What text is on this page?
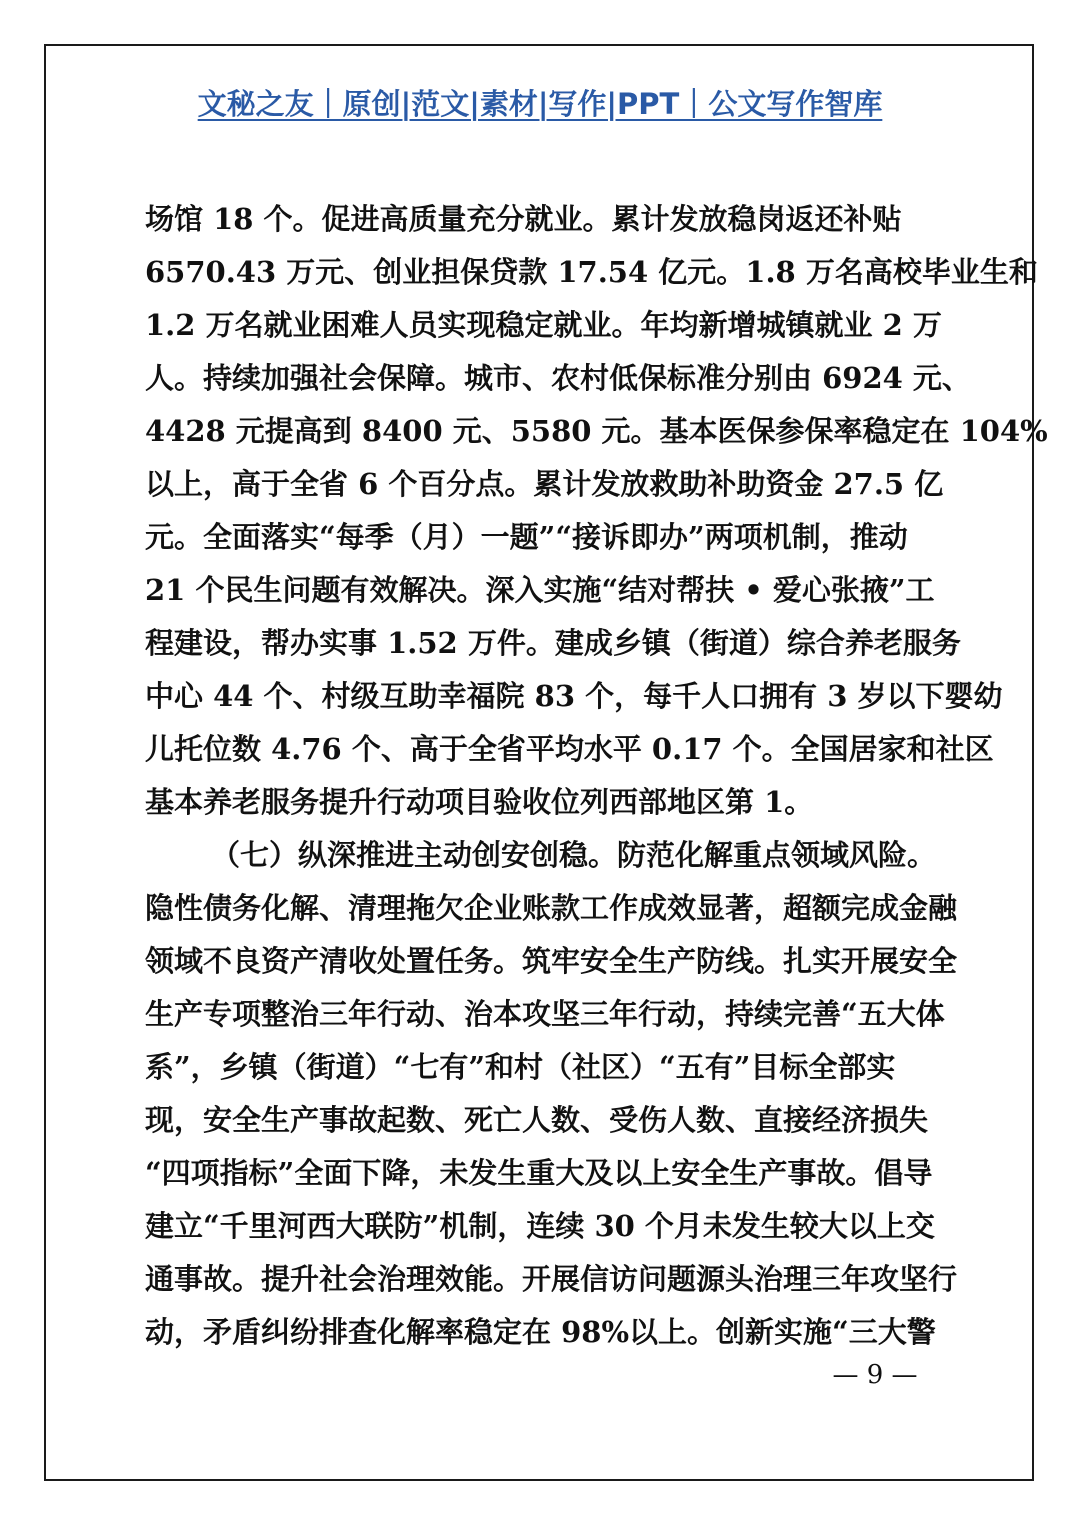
文秘之友｜原创|范文|素材|写作|PPT｜公文写作智库
场馆 18 个。促进高质量充分就业。累计发放稳岗返还补贴
6570.43 万元、创业担保贷款 17.54 亿元。1.8 万名高校毕业生和
1.2 万名就业困难人员实现稳定就业。年均新增城镇就业 2 万
人。持续加强社会保障。城市、农村低保标准分别由 6924 元、
4428 元提高到 8400 元、5580 元。基本医保参保率稳定在 104%
以上，高于全省 6 个百分点。累计发放救助补助资金 27.5 亿
元。全面落实“每季（月）一题”“接诉即办”两项机制，推动
21 个民生问题有效解决。深入实施“结对帮扶 • 爱心张掖”工
程建设，帮办实事 1.52 万件。建成乡镇（街道）综合养老服务
中心 44 个、村级互助幸福院 83 个，每千人口拥有 3 岁以下婴幼
儿托位数 4.76 个、高于全省平均水平 0.17 个。全国居家和社区
基本养老服务提升行动项目验收位列西部地区第 1。
（七）纵深推进主动创安创稳。防范化解重点领域风险。
隐性债务化解、清理拖欠企业账款工作成效显著，超额完成金融
领域不良资产清收处置任务。筑牢安全生产防线。扎实开展安全
生产专项整治三年行动、治本攻坚三年行动，持续完善“五大体
系”，乡镇（街道）“七有”和村（社区）“五有”目标全部实
现，安全生产事故起数、死亡人数、受伤人数、直接经济损失
“四项指标”全面下降，未发生重大及以上安全生产事故。倡导
建立“千里河西大联防”机制，连续 30 个月未发生较大以上交
通事故。提升社会治理效能。开展信访问题源头治理三年攻坚行
动，矛盾纠纷排查化解率稳定在 98%以上。创新实施“三大警
— 9 —
